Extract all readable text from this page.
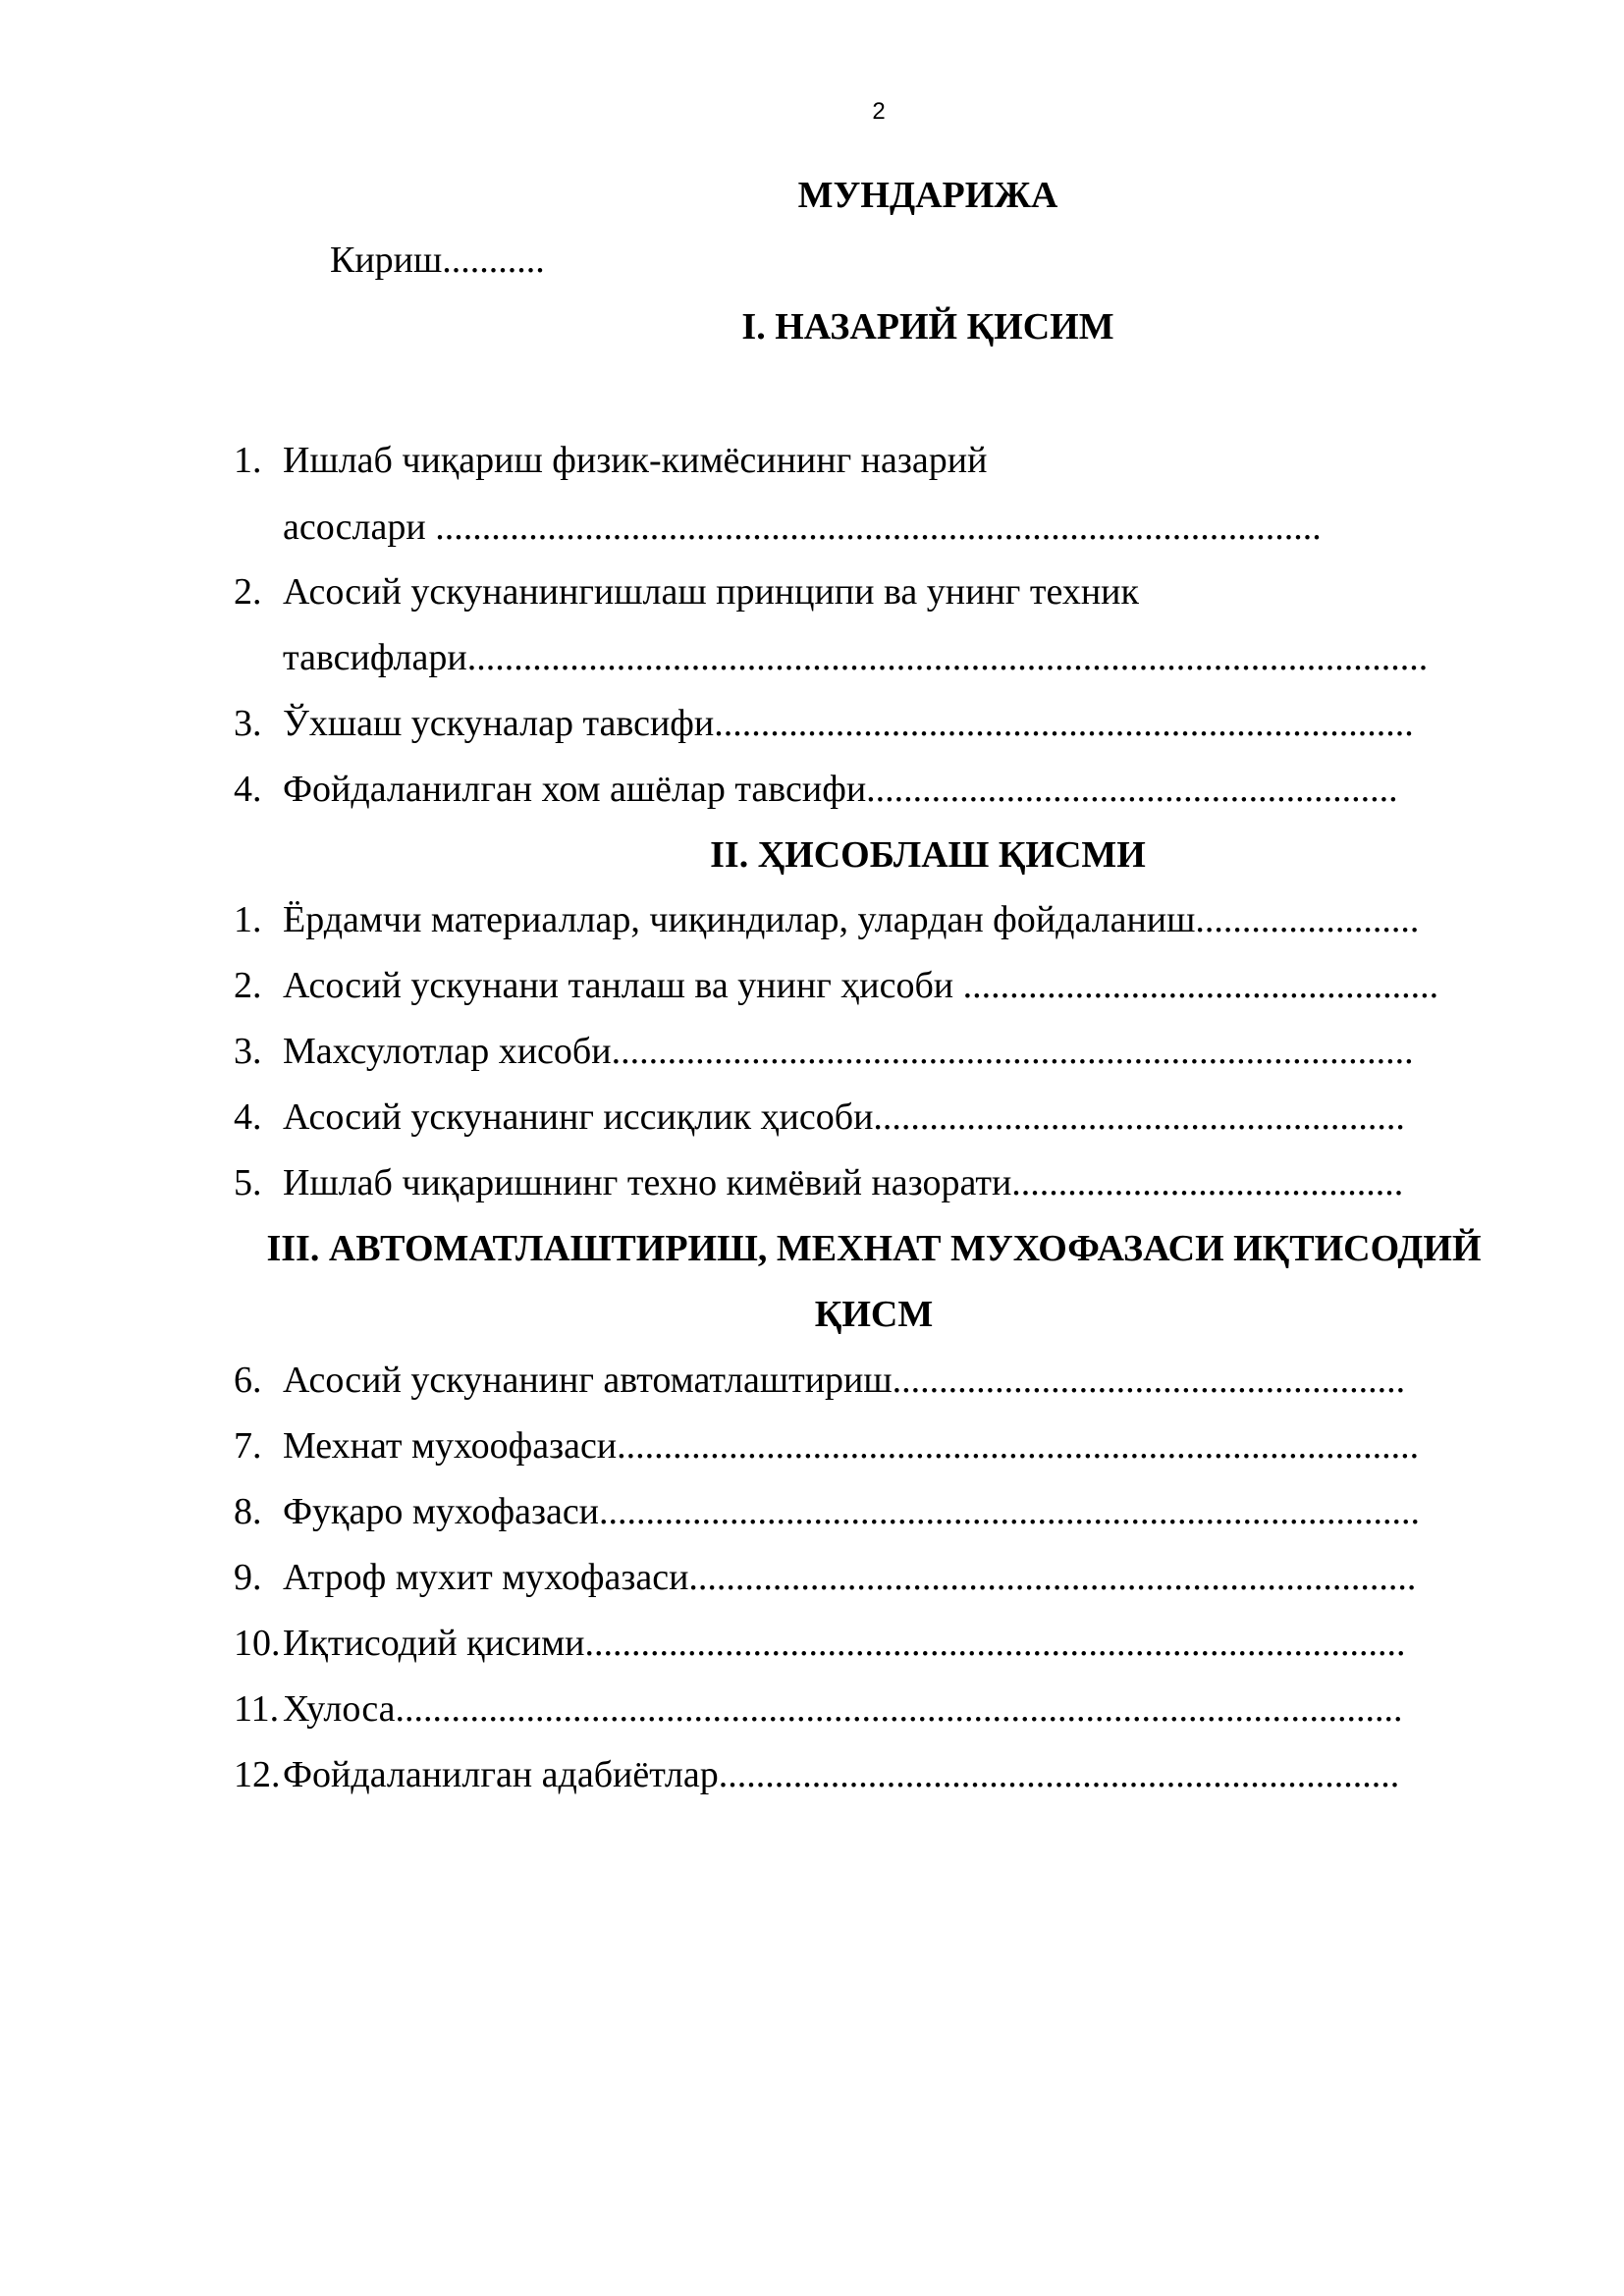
2
МУНДАРИЖА
Кириш...........
I. НАЗАРИЙ ҚИСИМ
1. Ишлаб чиқариш физик-кимёсининг назарий
асослари ...............................................................................................
2. Асосий ускунанингишлаш принципи ва унинг техник
тавсифлари.......................................................................................................
3. Ўхшаш ускуналар тавсифи...........................................................................
4. Фойдаланилган хом ашёлар тавсифи.........................................................
II. ҲИСОБЛАШ ҚИСМИ
1. Ёрдамчи материаллар, чиқиндилар, улардан фойдаланиш........................
2. Асосий ускунани танлаш ва унинг ҳисоби ...................................................
3. Махсулотлар хисоби......................................................................................
4. Асосий ускунанинг иссиқлик ҳисоби.........................................................
5. Ишлаб чиқаришнинг техно кимёвий назорати..........................................
III. АВТОМАТЛАШТИРИШ, МЕХНАТ МУХОФАЗАСИ ИҚТИСОДИЙ
ҚИСМ
6. Асосий ускунанинг автоматлаштириш.......................................................
7. Мехнат мухоофазаси......................................................................................
8. Фуқаро мухофазаси........................................................................................
9. Атроф мухит мухофазаси..............................................................................
10.Иқтисодий қисими........................................................................................
11. Хулоса............................................................................................................
12.Фойдаланилган адабиётлар.........................................................................
